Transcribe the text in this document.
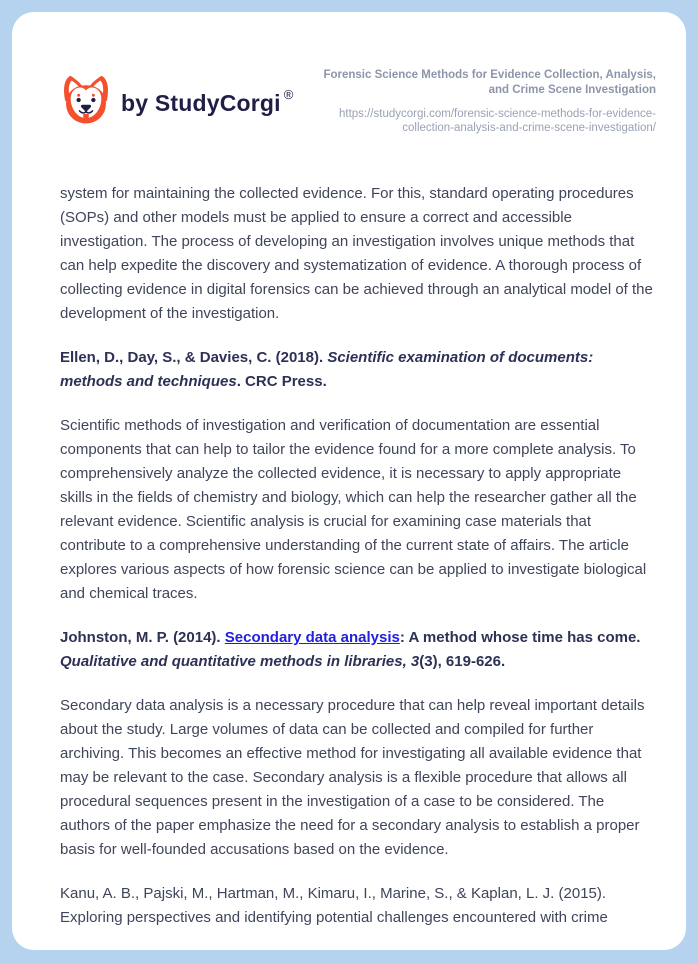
by StudyCorgi ®
Forensic Science Methods for Evidence Collection, Analysis, and Crime Scene Investigation
https://studycorgi.com/forensic-science-methods-for-evidence-collection-analysis-and-crime-scene-investigation/

system for maintaining the collected evidence. For this, standard operating procedures (SOPs) and other models must be applied to ensure a correct and accessible investigation. The process of developing an investigation involves unique methods that can help expedite the discovery and systematization of evidence. A thorough process of collecting evidence in digital forensics can be achieved through an analytical model of the development of the investigation.

Ellen, D., Day, S., & Davies, C. (2018). Scientific examination of documents: methods and techniques. CRC Press.

Scientific methods of investigation and verification of documentation are essential components that can help to tailor the evidence found for a more complete analysis. To comprehensively analyze the collected evidence, it is necessary to apply appropriate skills in the fields of chemistry and biology, which can help the researcher gather all the relevant evidence. Scientific analysis is crucial for examining case materials that contribute to a comprehensive understanding of the current state of affairs. The article explores various aspects of how forensic science can be applied to investigate biological and chemical traces.

Johnston, M. P. (2014). Secondary data analysis: A method whose time has come. Qualitative and quantitative methods in libraries, 3(3), 619-626.

Secondary data analysis is a necessary procedure that can help reveal important details about the study. Large volumes of data can be collected and compiled for further archiving. This becomes an effective method for investigating all available evidence that may be relevant to the case. Secondary analysis is a flexible procedure that allows all procedural sequences present in the investigation of a case to be considered. The authors of the paper emphasize the need for a secondary analysis to establish a proper basis for well-founded accusations based on the evidence.

Kanu, A. B., Pajski, M., Hartman, M., Kimaru, I., Marine, S., & Kaplan, L. J. (2015). Exploring perspectives and identifying potential challenges encountered with crime
